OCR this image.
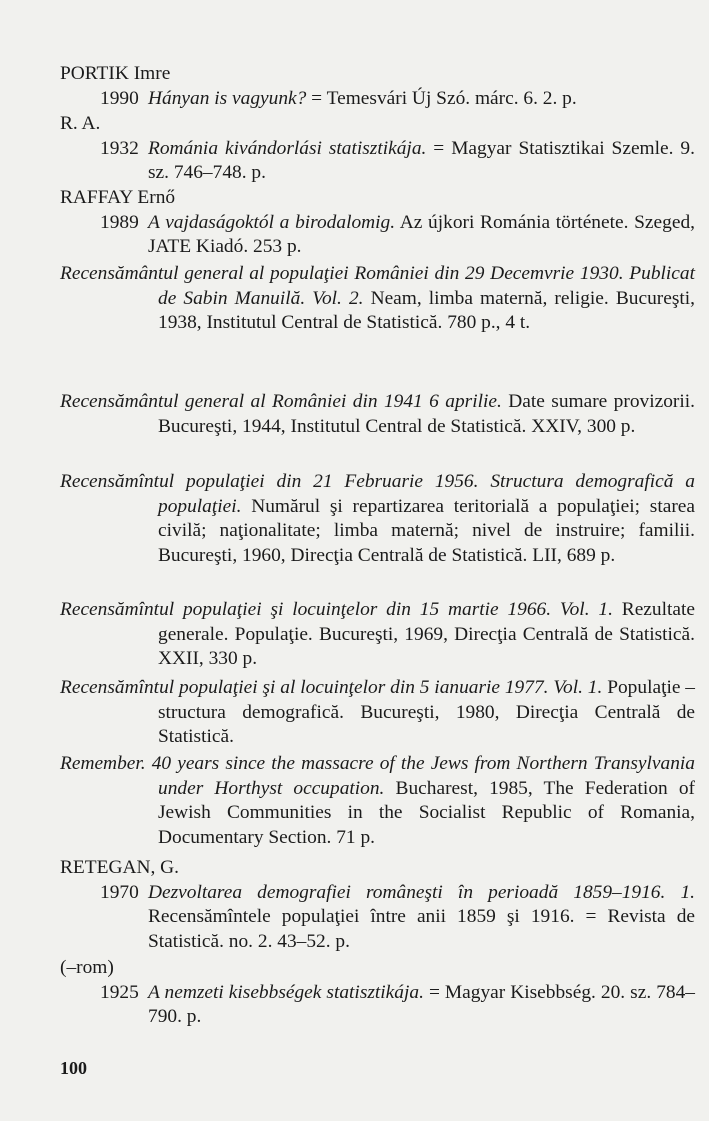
PORTIK Imre
1990 Hányan is vagyunk? = Temesvári Új Szó. márc. 6. 2. p.
R. A.
1932 Románia kivándorlási statisztikája. = Magyar Statisztikai Szemle. 9. sz. 746–748. p.
RAFFAY Ernő
1989 A vajdaságoktól a birodalomig. Az újkori Románia története. Szeged, JATE Kiadó. 253 p.
Recensământul general al populaţiei României din 29 Decemvrie 1930. Publicat de Sabin Manuilă. Vol. 2. Neam, limba maternă, religie. Bucureşti, 1938, Institutul Central de Statistică. 780 p., 4 t.
Recensământul general al României din 1941 6 aprilie. Date sumare provizorii. Bucureşti, 1944, Institutul Central de Statistică. XXIV, 300 p.
Recensămîntul populaţiei din 21 Februarie 1956. Structura demografică a populaţiei. Numărul şi repartizarea teritorială a populaţiei; starea civilă; naţionalitate; limba maternă; nivel de instruire; familii. Bucureşti, 1960, Direcţia Centrală de Statistică. LII, 689 p.
Recensămîntul populaţiei şi locuinţelor din 15 martie 1966. Vol. 1. Rezultate generale. Populaţie. Bucureşti, 1969, Direcţia Centrală de Statistică. XXII, 330 p.
Recensămîntul populaţiei şi al locuinţelor din 5 ianuarie 1977. Vol. 1. Populaţie – structura demografică. Bucureşti, 1980, Direcţia Centrală de Statistică.
Remember. 40 years since the massacre of the Jews from Northern Transylvania under Horthyst occupation. Bucharest, 1985, The Federation of Jewish Communities in the Socialist Republic of Romania, Documentary Section. 71 p.
RETEGAN, G.
1970 Dezvoltarea demografiei româneşti în perioadă 1859–1916. 1. Recensămîntele populaţiei între anii 1859 şi 1916. = Revista de Statistică. no. 2. 43–52. p.
(–rom)
1925 A nemzeti kisebbségek statisztikája. = Magyar Kisebbség. 20. sz. 784–790. p.
100
